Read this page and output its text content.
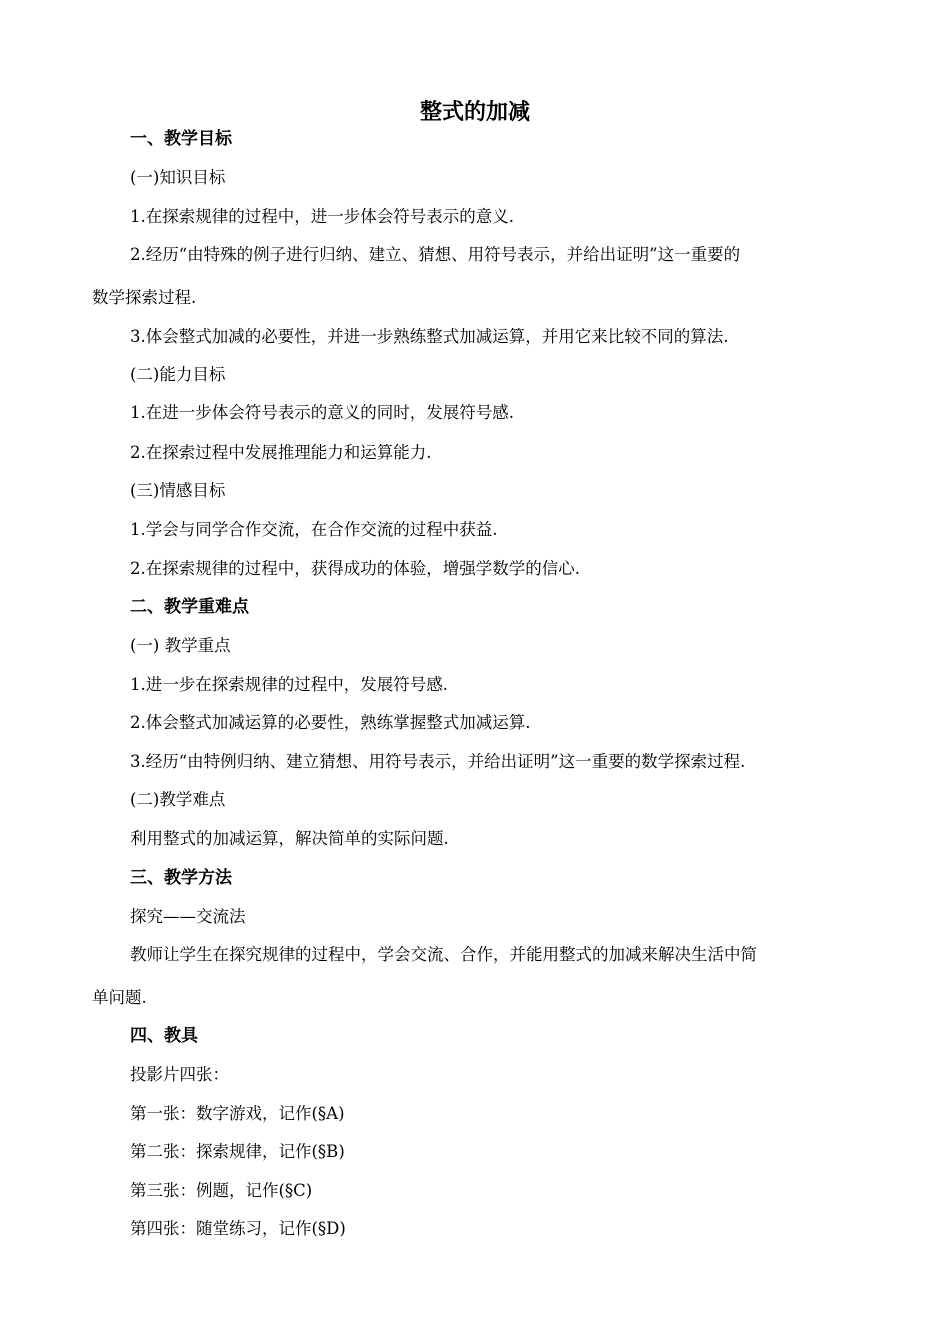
整式的加减
一、教学目标
(一)知识目标
1.在探索规律的过程中，进一步体会符号表示的意义.
2.经历“由特殊的例子进行归纳、建立、猜想、用符号表示，并给出证明”这一重要的
数学探索过程.
3.体会整式加减的必要性，并进一步熟练整式加减运算，并用它来比较不同的算法.
(二)能力目标
1.在进一步体会符号表示的意义的同时，发展符号感.
2.在探索过程中发展推理能力和运算能力.
(三)情感目标
1.学会与同学合作交流，在合作交流的过程中获益.
2.在探索规律的过程中，获得成功的体验，增强学数学的信心.
二、教学重难点
(一) 教学重点
1.进一步在探索规律的过程中，发展符号感.
2.体会整式加减运算的必要性，熟练掌握整式加减运算.
3.经历“由特例归纳、建立猜想、用符号表示，并给出证明”这一重要的数学探索过程.
(二)教学难点
利用整式的加减运算，解决简单的实际问题.
三、教学方法
探究——交流法
教师让学生在探究规律的过程中，学会交流、合作，并能用整式的加减来解决生活中简
单问题.
四、教具
投影片四张：
第一张：数字游戏，记作(§A)
第二张：探索规律，记作(§B)
第三张：例题，记作(§C)
第四张：随堂练习，记作(§D)
